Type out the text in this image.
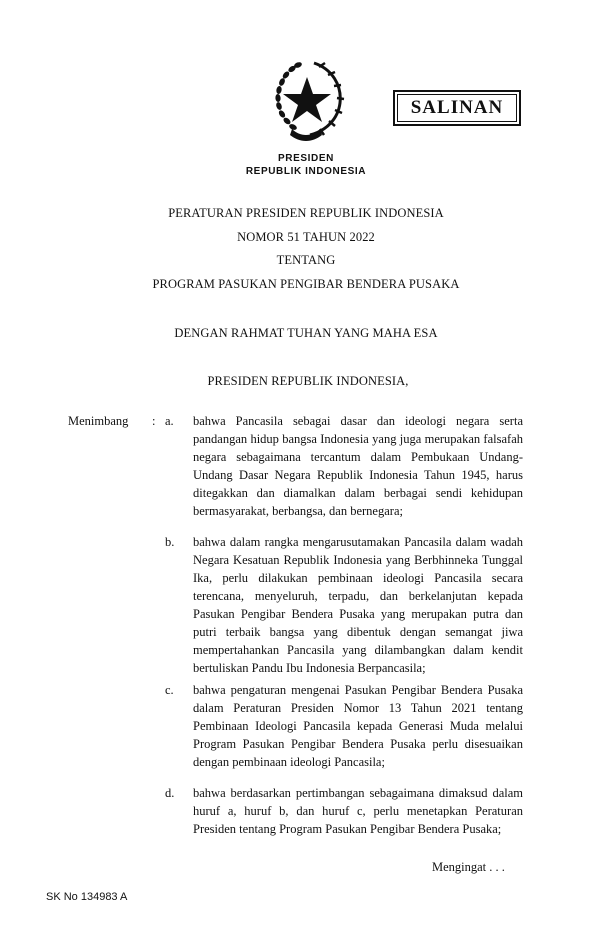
SALINAN
PRESIDEN
REPUBLIK INDONESIA
PERATURAN PRESIDEN REPUBLIK INDONESIA
NOMOR 51 TAHUN 2022
TENTANG
PROGRAM PASUKAN PENGIBAR BENDERA PUSAKA
DENGAN RAHMAT TUHAN YANG MAHA ESA
PRESIDEN REPUBLIK INDONESIA,
Menimbang : a. bahwa Pancasila sebagai dasar dan ideologi negara serta pandangan hidup bangsa Indonesia yang juga merupakan falsafah negara sebagaimana tercantum dalam Pembukaan Undang-Undang Dasar Negara Republik Indonesia Tahun 1945, harus ditegakkan dan diamalkan dalam berbagai sendi kehidupan bermasyarakat, berbangsa, dan bernegara;
b. bahwa dalam rangka mengarusutamakan Pancasila dalam wadah Negara Kesatuan Republik Indonesia yang Berbhinneka Tunggal Ika, perlu dilakukan pembinaan ideologi Pancasila secara terencana, menyeluruh, terpadu, dan berkelanjutan kepada Pasukan Pengibar Bendera Pusaka yang merupakan putra dan putri terbaik bangsa yang dibentuk dengan semangat jiwa mempertahankan Pancasila yang dilambangkan dalam kendit bertuliskan Pandu Ibu Indonesia Berpancasila;
c. bahwa pengaturan mengenai Pasukan Pengibar Bendera Pusaka dalam Peraturan Presiden Nomor 13 Tahun 2021 tentang Pembinaan Ideologi Pancasila kepada Generasi Muda melalui Program Pasukan Pengibar Bendera Pusaka perlu disesuaikan dengan pembinaan ideologi Pancasila;
d. bahwa berdasarkan pertimbangan sebagaimana dimaksud dalam huruf a, huruf b, dan huruf c, perlu menetapkan Peraturan Presiden tentang Program Pasukan Pengibar Bendera Pusaka;
Mengingat . . .
SK No 134983 A
